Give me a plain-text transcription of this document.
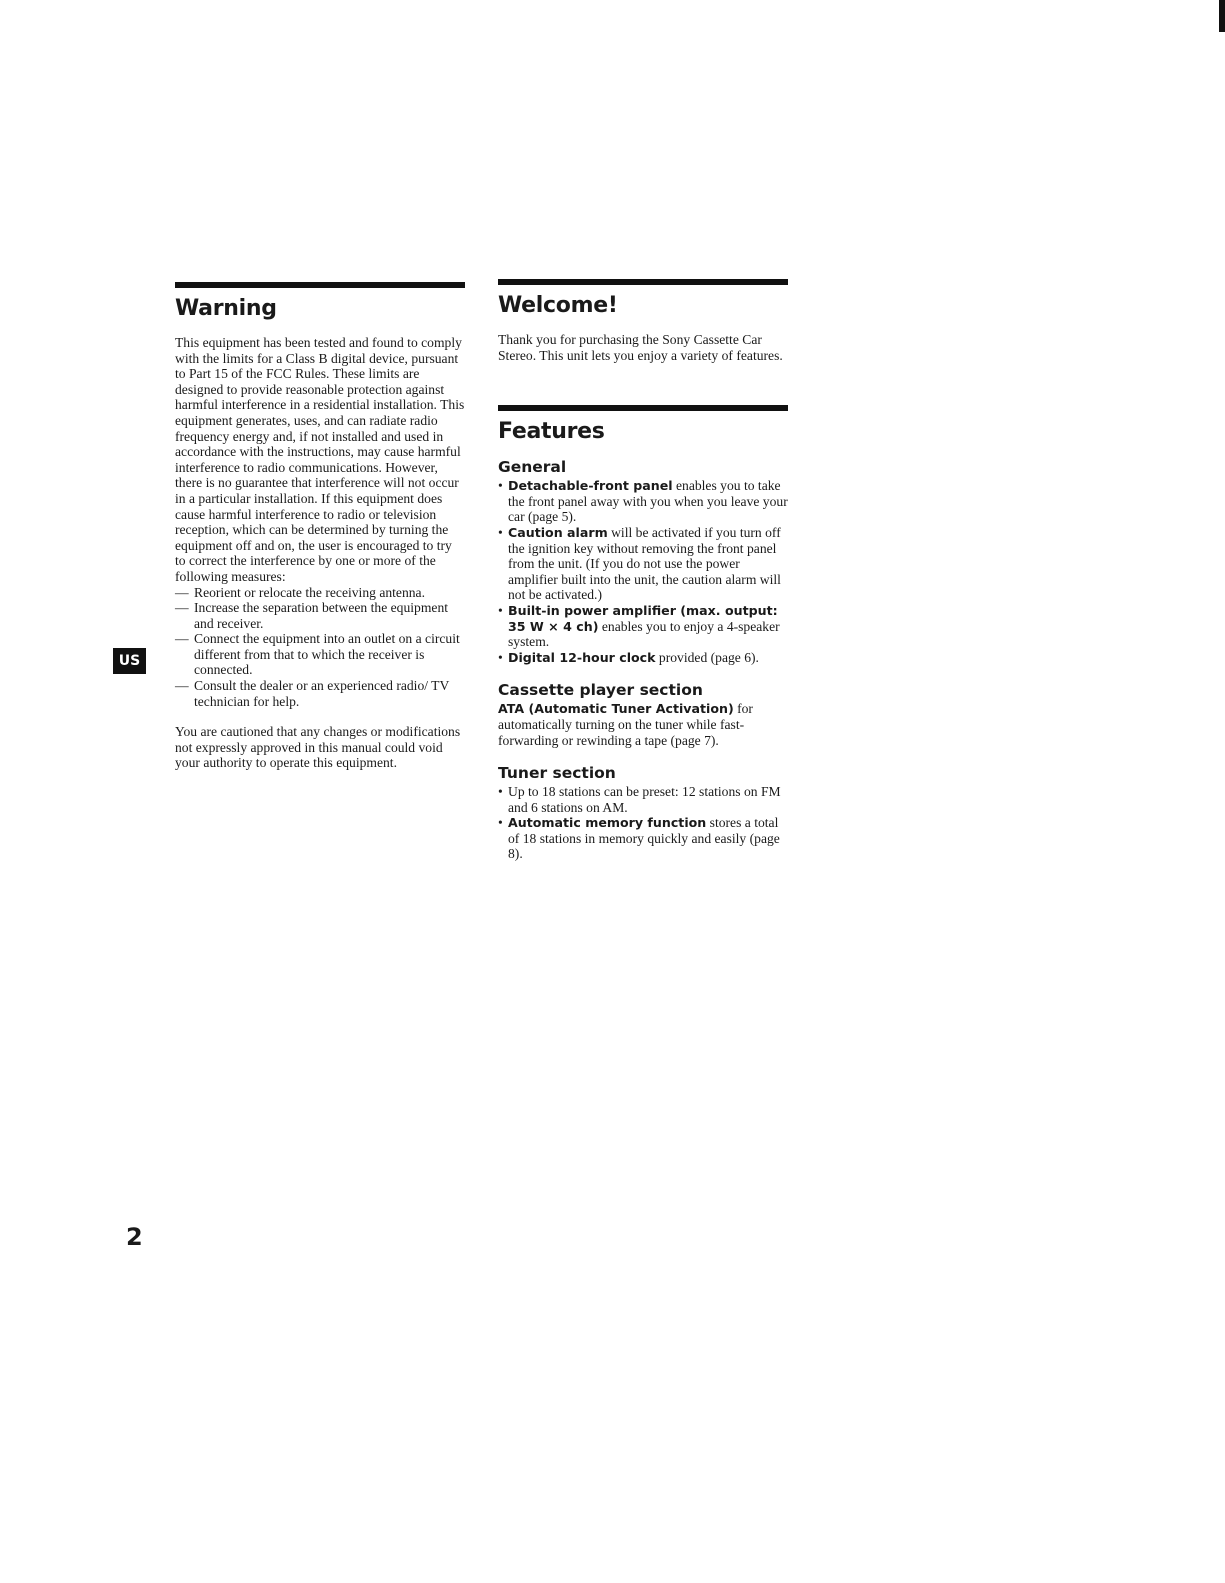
US
Warning

This equipment has been tested and found to comply with the limits for a Class B digital device, pursuant to Part 15 of the FCC Rules. These limits are designed to provide reasonable protection against harmful interference in a residential installation. This equipment generates, uses, and can radiate radio frequency energy and, if not installed and used in accordance with the instructions, may cause harmful interference to radio communications. However, there is no guarantee that interference will not occur in a particular installation. If this equipment does cause harmful interference to radio or television reception, which can be determined by turning the equipment off and on, the user is encouraged to try to correct the interference by one or more of the following measures:

— Reorient or relocate the receiving antenna.
— Increase the separation between the equipment and receiver.
— Connect the equipment into an outlet on a circuit different from that to which the receiver is connected.
— Consult the dealer or an experienced radio/ TV technician for help.

You are cautioned that any changes or modifications not expressly approved in this manual could void your authority to operate this equipment.

Welcome!

Thank you for purchasing the Sony Cassette Car Stereo. This unit lets you enjoy a variety of features.

Features
General
• Detachable-front panel enables you to take the front panel away with you when you leave your car (page 5).
• Caution alarm will be activated if you turn off the ignition key without removing the front panel from the unit. (If you do not use the power amplifier built into the unit, the caution alarm will not be activated.)
• Built-in power amplifier (max. output: 35 W × 4 ch) enables you to enjoy a 4-speaker system.
• Digital 12-hour clock provided (page 6).
Cassette player section

ATA (Automatic Tuner Activation) for automatically turning on the tuner while fast-forwarding or rewinding a tape (page 7).

Tuner section
• Up to 18 stations can be preset: 12 stations on FM and 6 stations on AM.
• Automatic memory function stores a total of 18 stations in memory quickly and easily (page 8).
2
